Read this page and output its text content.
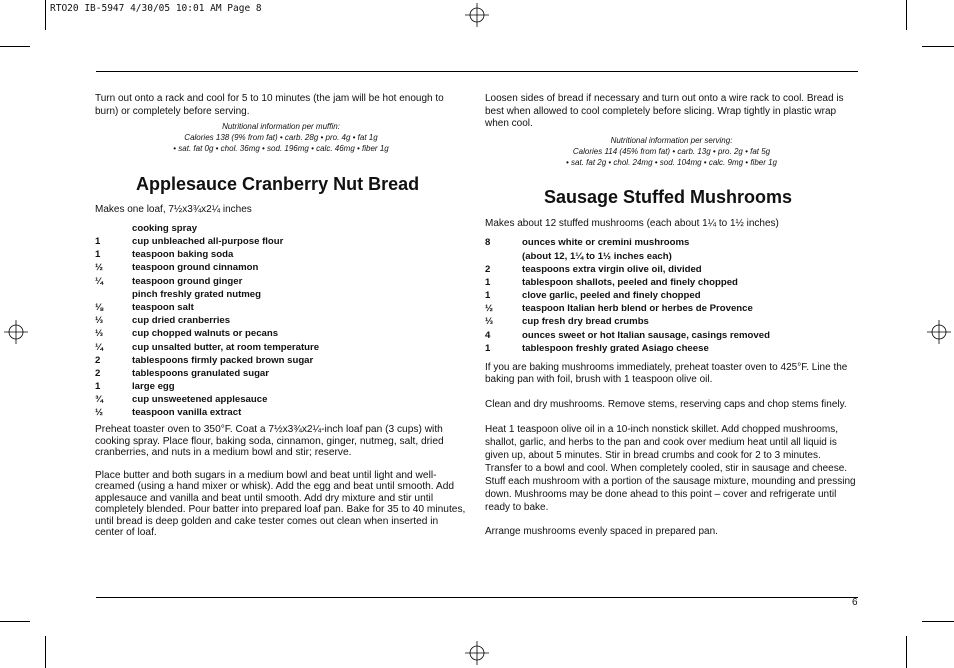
RTO20 IB-5947 4/30/05 10:01 AM Page 8

Turn out onto a rack and cool for 5 to 10 minutes (the jam will be hot enough to burn) or completely before serving.

Nutritional information per muffin:
Calories 138 (9% from fat) • carb. 28g • pro. 4g • fat 1g
• sat. fat 0g • chol. 36mg • sod. 196mg • calc. 46mg • fiber 1g
Applesauce Cranberry Nut Bread

Makes one loaf, 7½x3¾x2¼ inches

cooking spray
1	cup unbleached all-purpose flour
1	teaspoon baking soda
½	teaspoon ground cinnamon
¼	teaspoon ground ginger
pinch freshly grated nutmeg
⅛	teaspoon salt
⅓	cup dried cranberries
⅓	cup chopped walnuts or pecans
¼	cup unsalted butter, at room temperature
2	tablespoons firmly packed brown sugar
2	tablespoons granulated sugar
1	large egg
¾	cup unsweetened applesauce
½	teaspoon vanilla extract

Preheat toaster oven to 350°F. Coat a 7½x3¾x2¼-inch loaf pan (3 cups) with cooking spray. Place flour, baking soda, cinnamon, ginger, nutmeg, salt, dried cranberries, and nuts in a medium bowl and stir; reserve.

Place butter and both sugars in a medium bowl and beat until light and well-creamed (using a hand mixer or whisk). Add the egg and beat until smooth. Add applesauce and vanilla and beat until smooth. Add dry mixture and stir until completely blended. Pour batter into prepared loaf pan. Bake for 35 to 40 minutes, until bread is deep golden and cake tester comes out clean when inserted in center of loaf.

Loosen sides of bread if necessary and turn out onto a wire rack to cool. Bread is best when allowed to cool completely before slicing. Wrap tightly in plastic wrap when cool.

Nutritional information per serving:
Calories 114 (45% from fat) • carb. 13g • pro. 2g • fat 5g
• sat. fat 2g • chol. 24mg • sod. 104mg • calc. 9mg • fiber 1g
Sausage Stuffed Mushrooms

Makes about 12 stuffed mushrooms (each about 1¼ to 1½ inches)

8	ounces white or cremini mushrooms
(about 12, 1¼ to 1½ inches each)
2	teaspoons extra virgin olive oil, divided
1	tablespoon shallots, peeled and finely chopped
1	clove garlic, peeled and finely chopped
½	teaspoon Italian herb blend or herbes de Provence
⅓	cup fresh dry bread crumbs
4	ounces sweet or hot Italian sausage, casings removed
1	tablespoon freshly grated Asiago cheese

If you are baking mushrooms immediately, preheat toaster oven to 425°F. Line the baking pan with foil, brush with 1 teaspoon olive oil.

Clean and dry mushrooms. Remove stems, reserving caps and chop stems finely.

Heat 1 teaspoon olive oil in a 10-inch nonstick skillet. Add chopped mushrooms, shallot, garlic, and herbs to the pan and cook over medium heat until all liquid is given up, about 5 minutes. Stir in bread crumbs and cook for 2 to 3 minutes. Transfer to a bowl and cool. When completely cooled, stir in sausage and cheese. Stuff each mushroom with a portion of the sausage mixture, mounding and pressing down. Mushrooms may be done ahead to this point – cover and refrigerate until ready to bake.

Arrange mushrooms evenly spaced in prepared pan.

6
